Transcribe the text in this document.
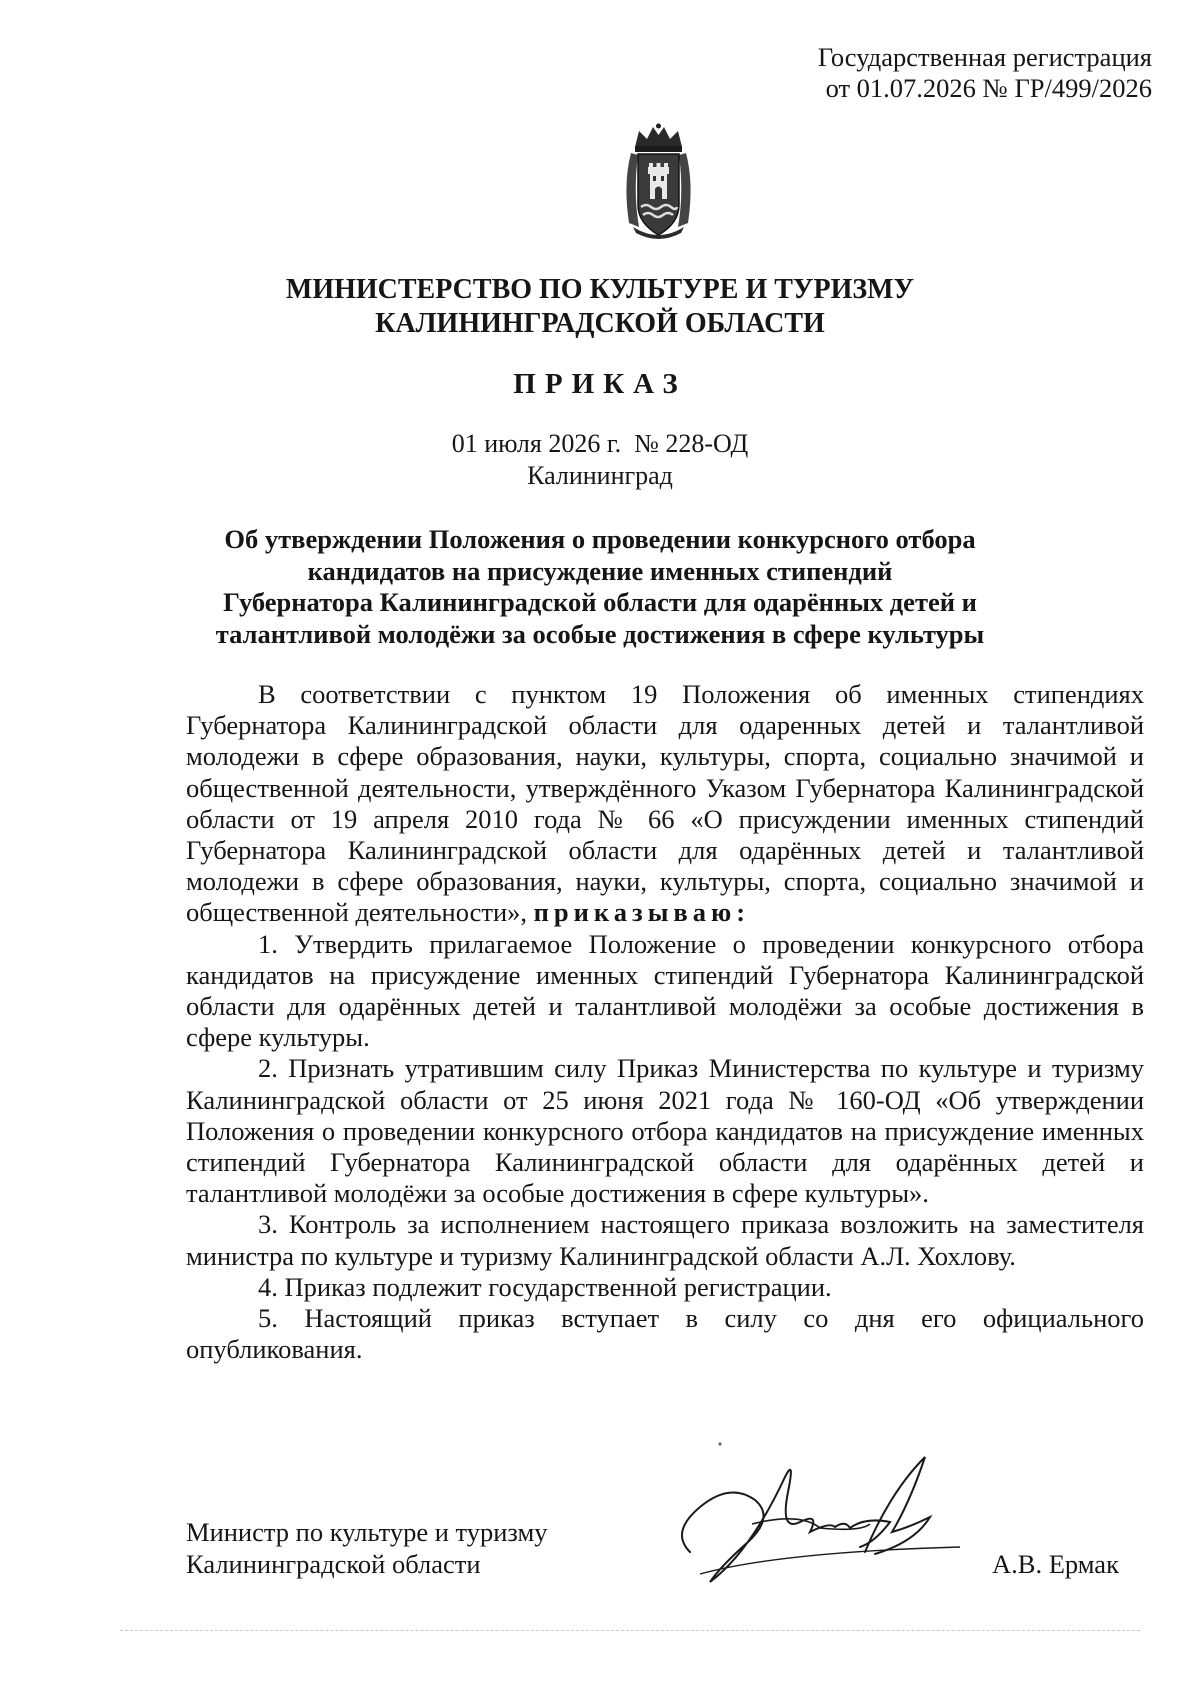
Государственная регистрация
от 01.07.2026 № ГР/499/2026
МИНИСТЕРСТВО ПО КУЛЬТУРЕ И ТУРИЗМУ
КАЛИНИНГРАДСКОЙ ОБЛАСТИ
ПРИКАЗ
01 июля 2026 г.  № 228-ОД
Калининград
Об утверждении Положения о проведении конкурсного отбора
кандидатов на присуждение именных стипендий
Губернатора Калининградской области для одарённых детей и
талантливой молодёжи за особые достижения в сфере культуры

В соответствии с пунктом 19 Положения об именных стипендиях Губернатора Калининградской области для одаренных детей и талантливой молодежи в сфере образования, науки, культуры, спорта, социально значимой и общественной деятельности, утверждённого Указом Губернатора Калининградской области от 19 апреля 2010 года № 66 «О присуждении именных стипендий Губернатора Калининградской области для одарённых детей и талантливой молодежи в сфере образования, науки, культуры, спорта, социально значимой и общественной деятельности», приказываю:

1. Утвердить прилагаемое Положение о проведении конкурсного отбора кандидатов на присуждение именных стипендий Губернатора Калининградской области для одарённых детей и талантливой молодёжи за особые достижения в сфере культуры.

2. Признать утратившим силу Приказ Министерства по культуре и туризму Калининградской области от 25 июня 2021 года № 160-ОД «Об утверждении Положения о проведении конкурсного отбора кандидатов на присуждение именных стипендий Губернатора Калининградской области для одарённых детей и талантливой молодёжи за особые достижения в сфере культуры».

3. Контроль за исполнением настоящего приказа возложить на заместителя министра по культуре и туризму Калининградской области А.Л. Хохлову.

4. Приказ подлежит государственной регистрации.

5. Настоящий приказ вступает в силу со дня его официального опубликования.

Министр по культуре и туризму
Калининградской области	А.В. Ермак
